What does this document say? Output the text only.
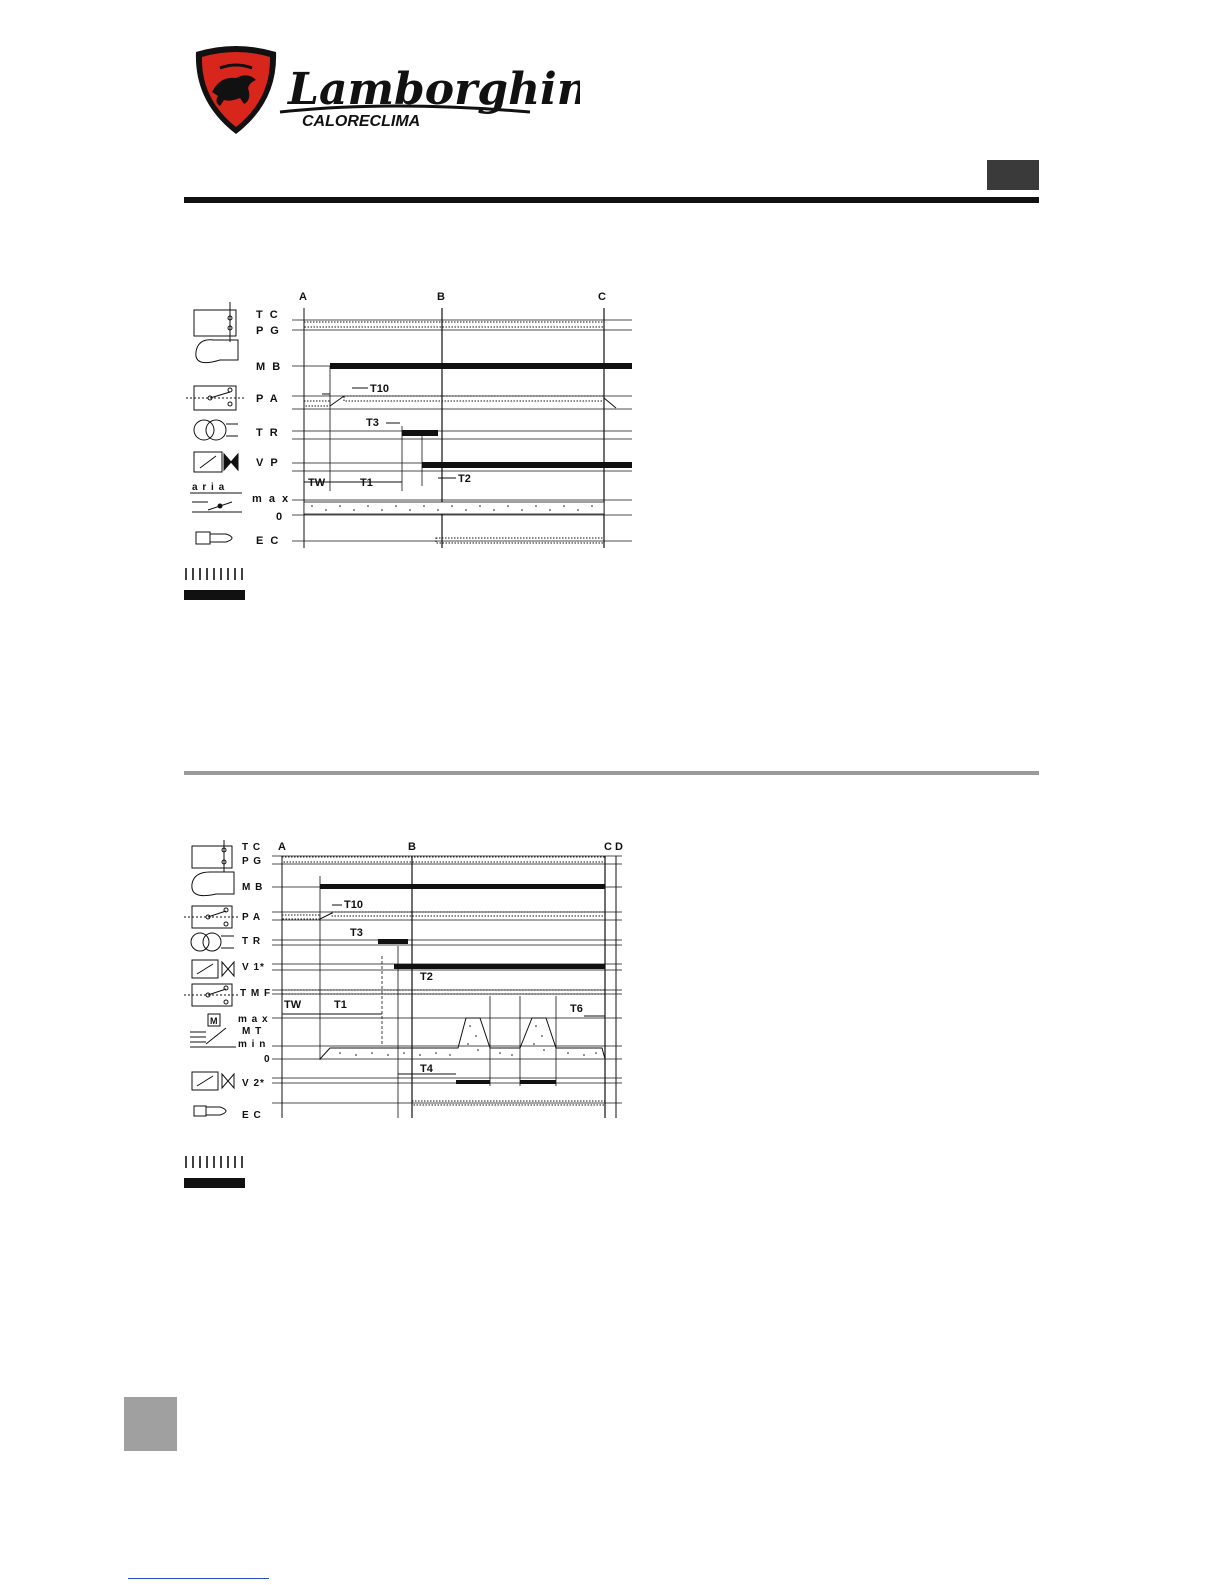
Lamborghini
CALORECLIMA
A	B	C
a r i a
T C
P G
M B
P A
T R
V P
m a x
0
E C
T10
T3
TW	T1	T2
A	B	C D
M
T C
P G
M B
P A
T R
V 1*
T M F
m a x
M T
m i n
0
V 2*
E C
T10
T3
T2
TW	T1
T4
T6
